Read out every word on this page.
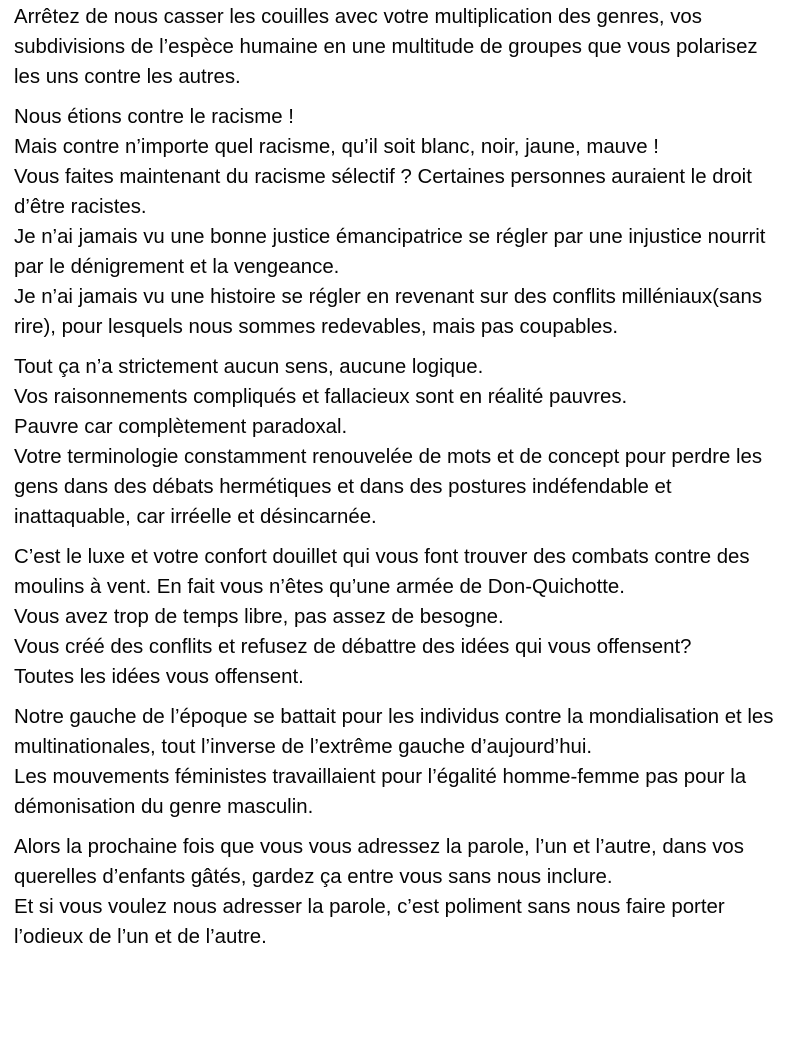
Arrêtez de nous casser les couilles avec votre multiplication des genres, vos subdivisions de l’espèce humaine en une multitude de groupes que vous polarisez les uns contre les autres.
Nous étions contre le racisme !
Mais contre n’importe quel racisme, qu’il soit blanc, noir, jaune, mauve !
Vous faites maintenant du racisme sélectif ? Certaines personnes auraient le droit d’être racistes.
Je n’ai jamais vu une bonne justice émancipatrice se régler par une injustice nourrit par le dénigrement et la vengeance.
Je n’ai jamais vu une histoire se régler en revenant sur des conflits milléniaux(sans rire), pour lesquels nous sommes redevables, mais pas coupables.
Tout ça n’a strictement aucun sens, aucune logique.
Vos raisonnements compliqués et fallacieux sont en réalité pauvres.
Pauvre car complètement paradoxal.
Votre terminologie constamment renouvelée de mots et de concept pour perdre les gens dans des débats hermétiques et dans des postures indéfendable et inattaquable, car irréelle et désincarnée.
C’est le luxe et votre confort douillet qui vous font trouver des combats contre des moulins à vent. En fait vous n’êtes qu’une armée de Don-Quichotte.
Vous avez trop de temps libre, pas assez de besogne.
Vous créé des conflits et refusez de débattre des idées qui vous offensent?
Toutes les idées vous offensent.
Notre gauche de l’époque se battait pour les individus contre la mondialisation et les multinationales, tout l’inverse de l’extrême gauche d’aujourd’hui.
Les mouvements féministes travaillaient pour l’égalité homme-femme pas pour la démonisation du genre masculin.
Alors la prochaine fois que vous vous adressez la parole, l’un et l’autre, dans vos querelles d’enfants gâtés, gardez ça entre vous sans nous inclure.
Et si vous voulez nous adresser la parole, c’est poliment sans nous faire porter l’odieux de l’un et de l’autre.
